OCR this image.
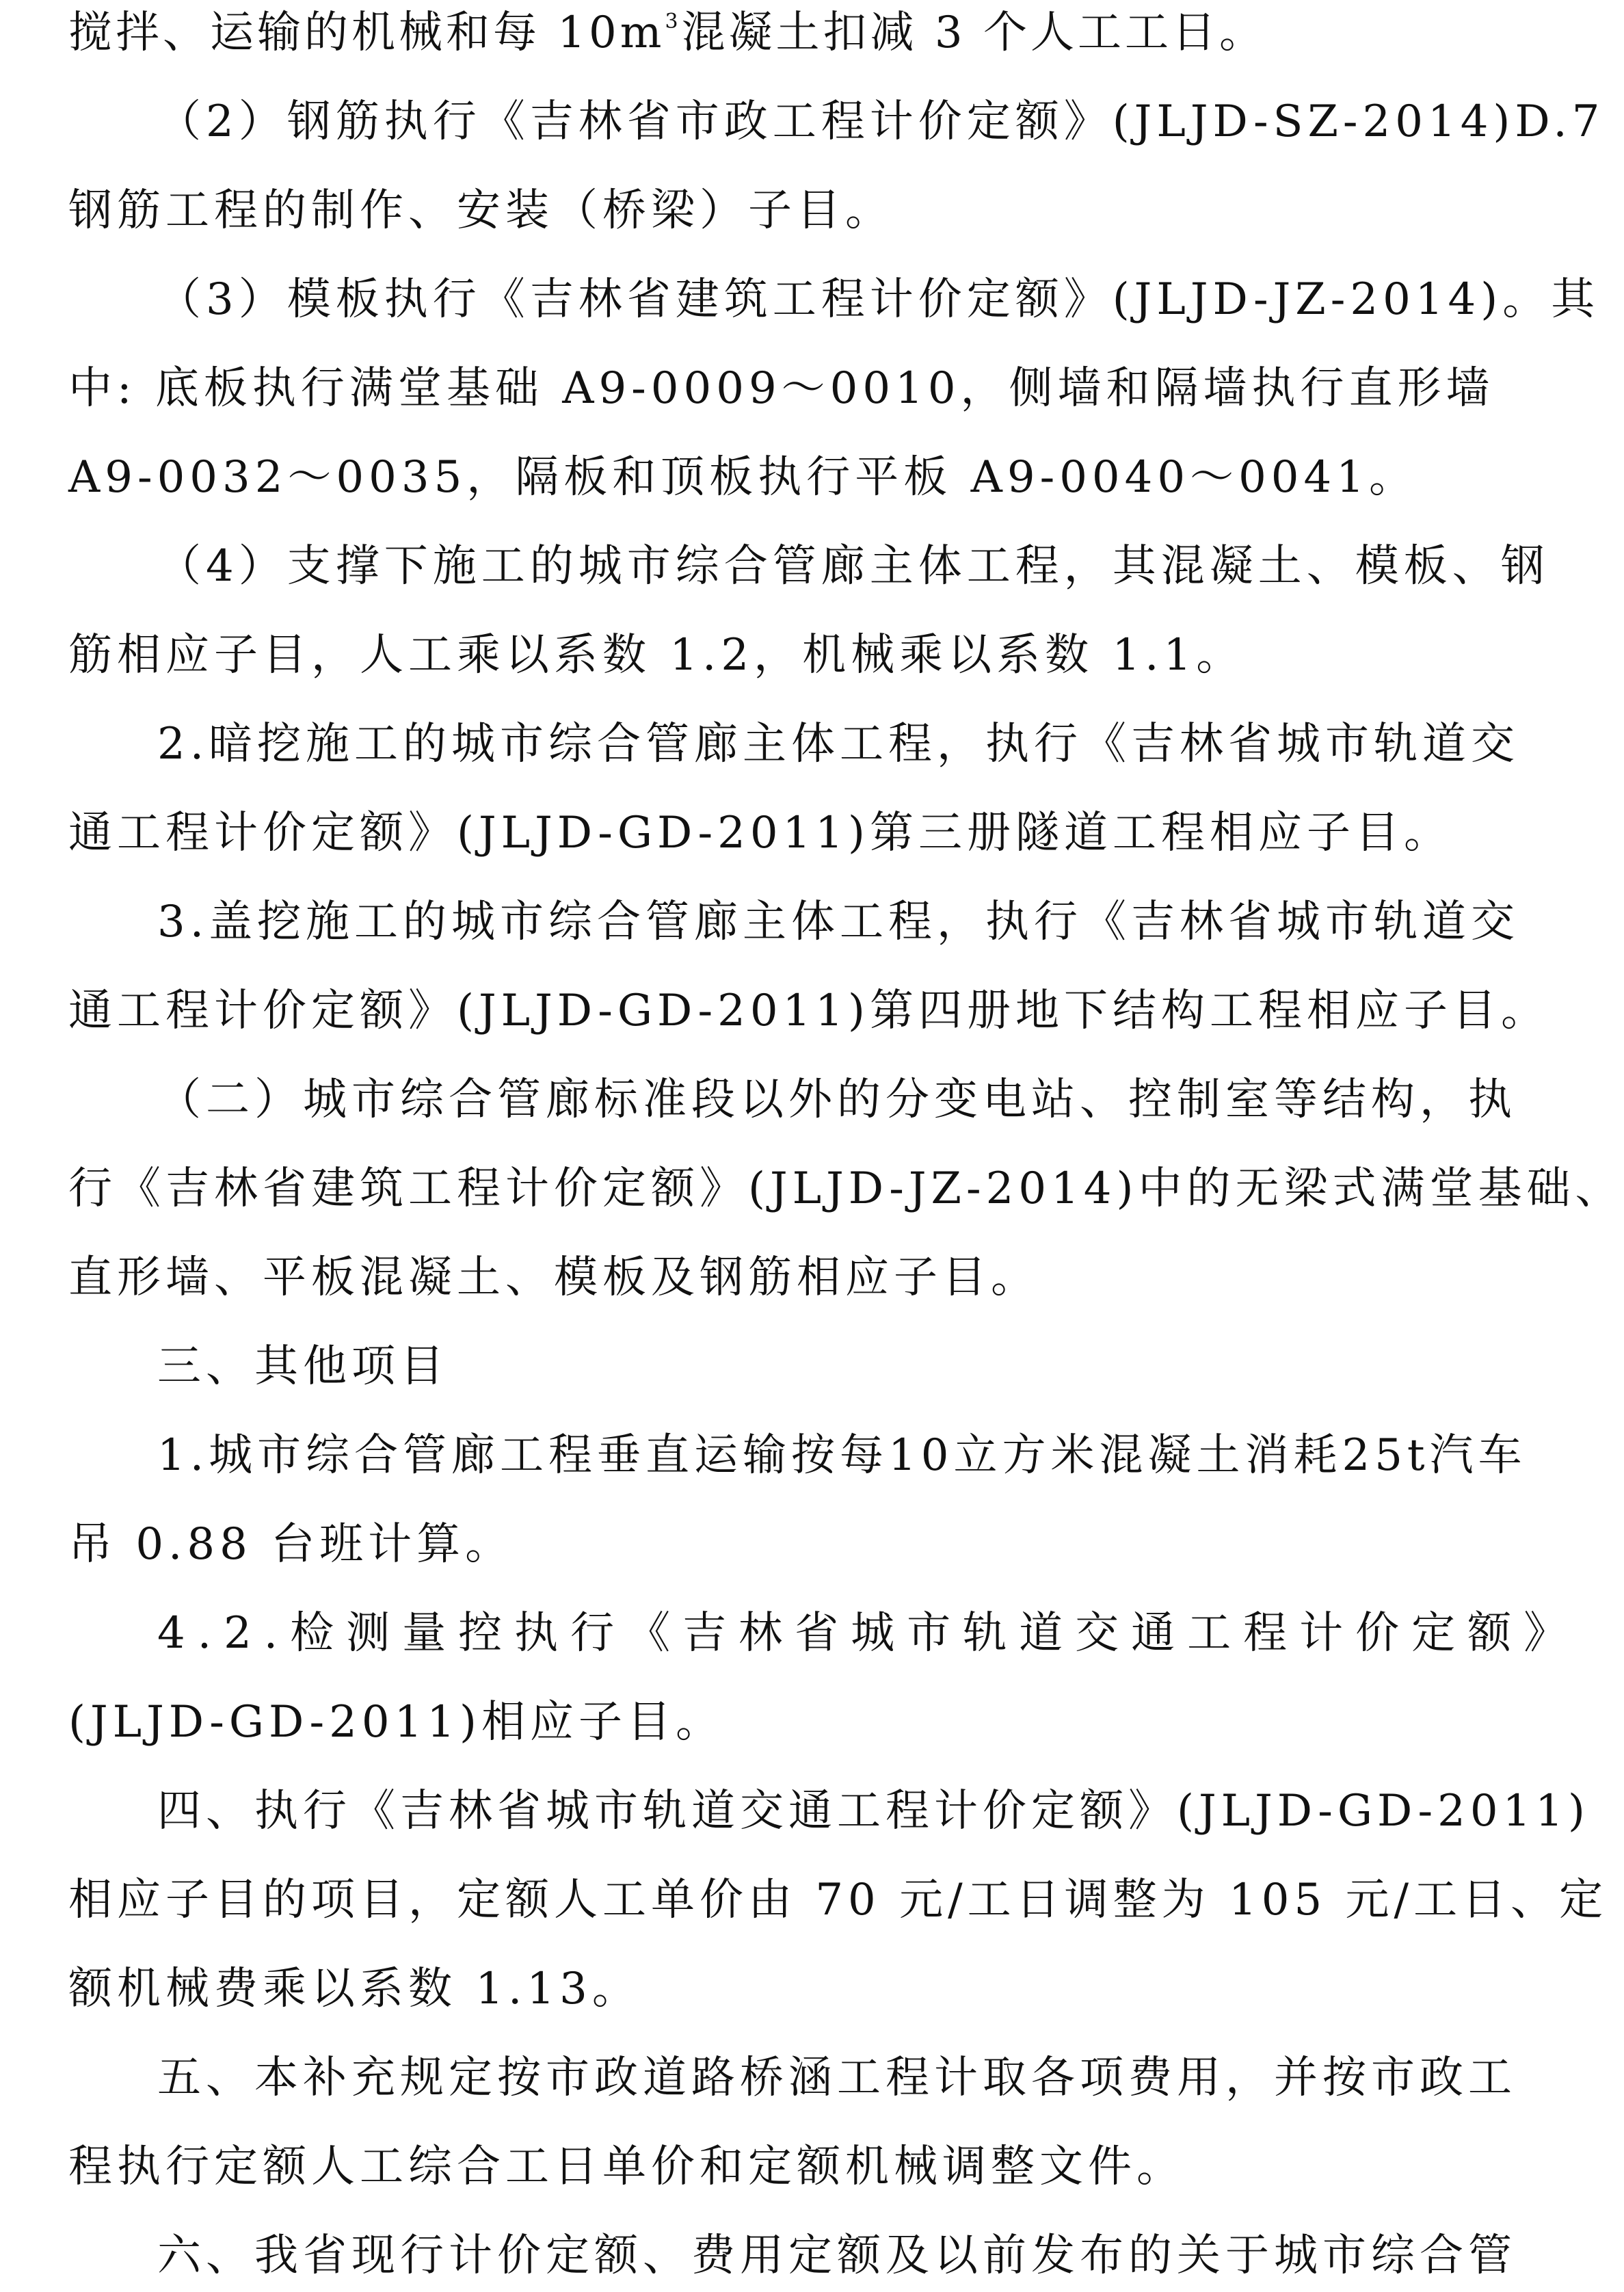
搅拌、运输的机械和每 $10m^3$混凝土扣减 3 个人工工日。
（2）钢筋执行《吉林省市政工程计价定额》(JLJD-SZ-2014)D.7
钢筋工程的制作、安装（桥梁）子目。
（3）模板执行《吉林省建筑工程计价定额》(JLJD-JZ-2014)。其
中: 底板执行满堂基础 A9-0009～0010，侧墙和隔墙执行直形墙
A9-0032～0035，隔板和顶板执行平板 A9-0040～0041。
（4）支撑下施工的城市综合管廊主体工程，其混凝土、模板、钢
筋相应子目，人工乘以系数 1.2，机械乘以系数 1.1。
2.暗挖施工的城市综合管廊主体工程，执行《吉林省城市轨道交
通工程计价定额》(JLJD-GD-2011)第三册隧道工程相应子目。
3.盖挖施工的城市综合管廊主体工程，执行《吉林省城市轨道交
通工程计价定额》(JLJD-GD-2011)第四册地下结构工程相应子目。
（二）城市综合管廊标准段以外的分变电站、控制室等结构，执
行《吉林省建筑工程计价定额》(JLJD-JZ-2014)中的无梁式满堂基础、
直形墙、平板混凝土、模板及钢筋相应子目。
三、其他项目
1.城市综合管廊工程垂直运输按每10立方米混凝土消耗25t汽车
吊 0.88 台班计算。
4.2.检测量控执行《吉林省城市轨道交通工程计价定额》
(JLJD-GD-2011)相应子目。
四、执行《吉林省城市轨道交通工程计价定额》(JLJD-GD-2011)
相应子目的项目，定额人工单价由 70 元/工日调整为 105 元/工日、定
额机械费乘以系数 1.13。
五、本补充规定按市政道路桥涵工程计取各项费用，并按市政工
程执行定额人工综合工日单价和定额机械调整文件。
六、我省现行计价定额、费用定额及以前发布的关于城市综合管
